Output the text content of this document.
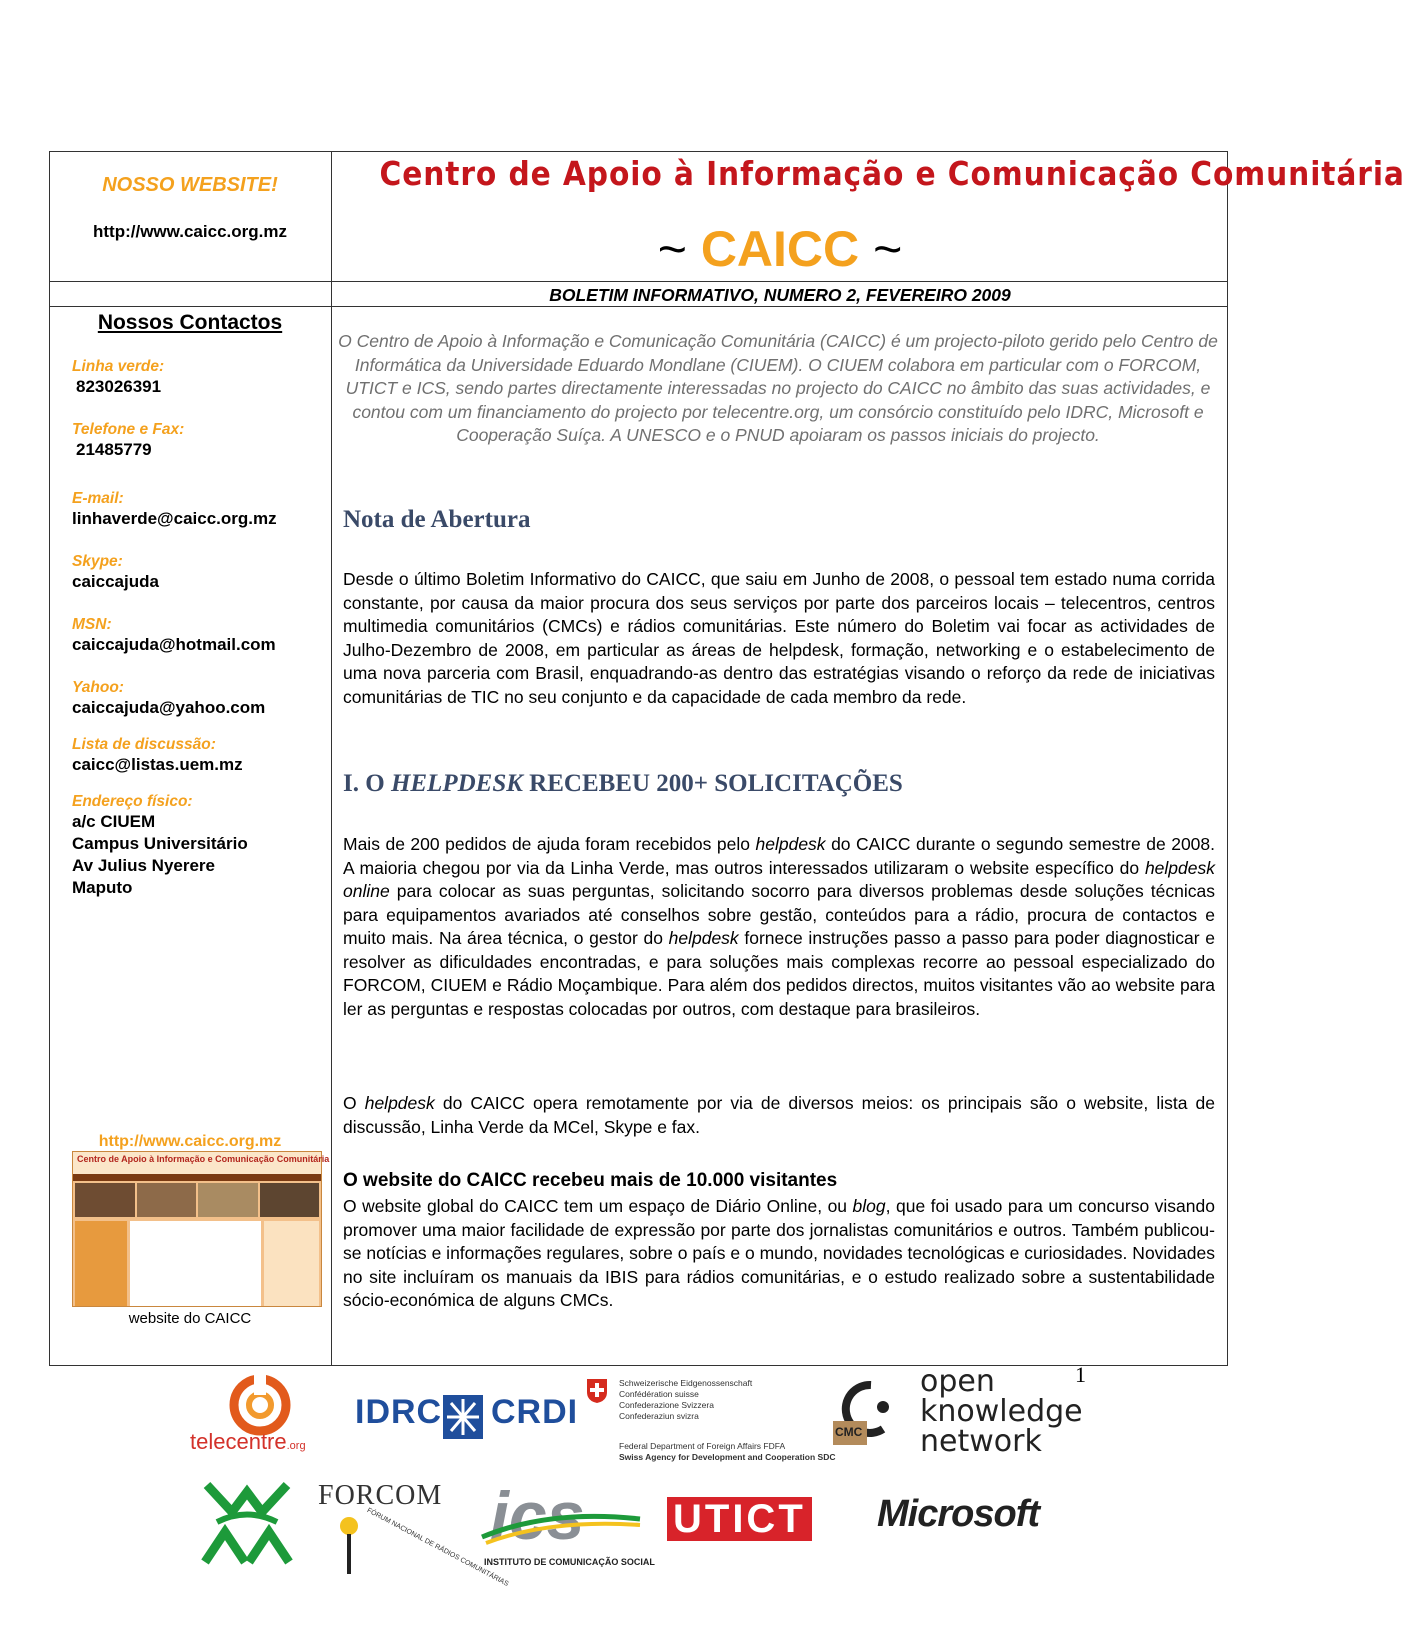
NOSSO WEBSITE!
http://www.caicc.org.mz
Centro de Apoio à Informação e Comunicação Comunitária
~ CAICC ~
BOLETIM INFORMATIVO, NUMERO 2, FEVEREIRO 2009
Nossos Contactos
Linha verde:
823026391
Telefone e Fax:
21485779
E-mail:
linhaverde@caicc.org.mz
Skype:
caiccajuda
MSN:
caiccajuda@hotmail.com
Yahoo:
caiccajuda@yahoo.com
Lista de discussão:
caicc@listas.uem.mz
Endereço físico:
a/c CIUEM
Campus Universitário
Av Julius Nyerere
Maputo
http://www.caicc.org.mz
Centro de Apoio à Informação e Comunicação Comunitária
website do CAICC
O Centro de Apoio à Informação e Comunicação Comunitária (CAICC) é um projecto-piloto gerido pelo Centro de Informática da Universidade Eduardo Mondlane (CIUEM). O CIUEM colabora em particular com o FORCOM, UTICT e ICS, sendo partes directamente interessadas no projecto do CAICC no âmbito das suas actividades, e contou com um financiamento do projecto por telecentre.org, um consórcio constituído pelo IDRC, Microsoft e Cooperação Suíça. A UNESCO e o PNUD apoiaram os passos iniciais do projecto.
Nota de Abertura
Desde o último Boletim Informativo do CAICC, que saiu em Junho de 2008, o pessoal tem estado numa corrida constante, por causa da maior procura dos seus serviços por parte dos parceiros locais – telecentros, centros multimedia comunitários (CMCs) e rádios comunitárias. Este número do Boletim vai focar as actividades de Julho-Dezembro de 2008, em particular as áreas de helpdesk, formação, networking e o estabelecimento de uma nova parceria com Brasil, enquadrando-as dentro das estratégias visando o reforço da rede de iniciativas comunitárias de TIC no seu conjunto e da capacidade de cada membro da rede.
I. O HELPDESK RECEBEU 200+ SOLICITAÇÕES
Mais de 200 pedidos de ajuda foram recebidos pelo helpdesk do CAICC durante o segundo semestre de 2008. A maioria chegou por via da Linha Verde, mas outros interessados utilizaram o website específico do helpdesk online para colocar as suas perguntas, solicitando socorro para diversos problemas desde soluções técnicas para equipamentos avariados até conselhos sobre gestão, conteúdos para a rádio, procura de contactos e muito mais. Na área técnica, o gestor do helpdesk fornece instruções passo a passo para poder diagnosticar e resolver as dificuldades encontradas, e para soluções mais complexas recorre ao pessoal especializado do FORCOM, CIUEM e Rádio Moçambique. Para além dos pedidos directos, muitos visitantes vão ao website para ler as perguntas e respostas colocadas por outros, com destaque para brasileiros.
O helpdesk do CAICC opera remotamente por via de diversos meios: os principais são o website, lista de discussão, Linha Verde da MCel, Skype e fax.
O website do CAICC recebeu mais de 10.000 visitantes
O website global do CAICC tem um espaço de Diário Online, ou blog, que foi usado para um concurso visando promover uma maior facilidade de expressão por parte dos jornalistas comunitários e outros. Também publicou-se notícias e informações regulares, sobre o país e o mundo, novidades tecnológicas e curiosidades. Novidades no site incluíram os manuais da IBIS para rádios comunitárias, e o estudo realizado sobre a sustentabilidade sócio-económica de alguns CMCs.
1
telecentre.org
IDRC CRDI
Schweizerische Eidgenossenschaft
Confédération suisse
Confederazione Svizzera
Confederaziun svizra
Federal Department of Foreign Affairs FDFA
Swiss Agency for Development and Cooperation SDC
CMC
open
knowledge
network
FORCOM
FÓRUM NACIONAL DE RÁDIOS COMUNITÁRIAS
ics
INSTITUTO DE COMUNICAÇÃO SOCIAL
UTICT Microsoft
